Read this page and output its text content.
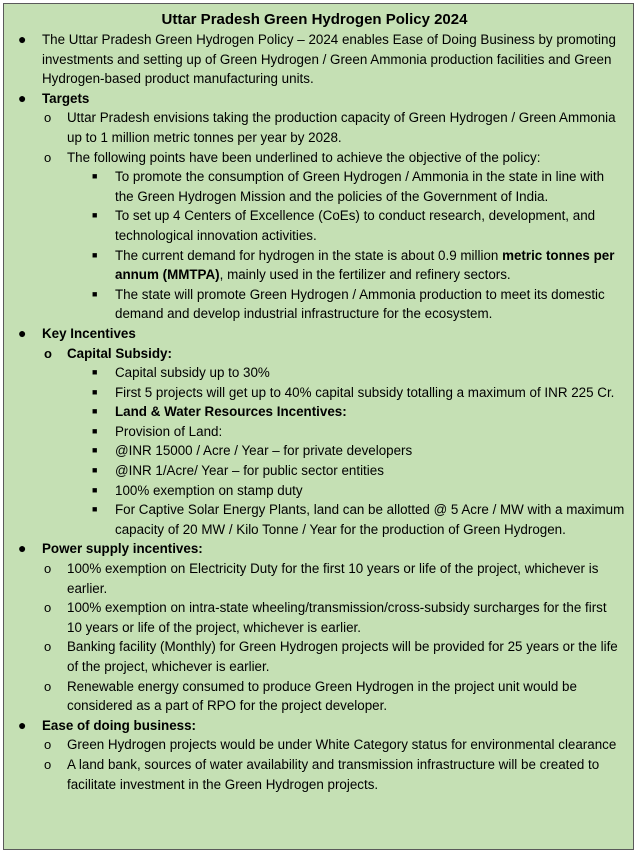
Uttar Pradesh Green Hydrogen Policy 2024
● The Uttar Pradesh Green Hydrogen Policy – 2024 enables Ease of Doing Business by promoting investments and setting up of Green Hydrogen / Green Ammonia production facilities and Green Hydrogen-based product manufacturing units.
● Targets
o Uttar Pradesh envisions taking the production capacity of Green Hydrogen / Green Ammonia up to 1 million metric tonnes per year by 2028.
o The following points have been underlined to achieve the objective of the policy:
■ To promote the consumption of Green Hydrogen / Ammonia in the state in line with the Green Hydrogen Mission and the policies of the Government of India.
■ To set up 4 Centers of Excellence (CoEs) to conduct research, development, and technological innovation activities.
■ The current demand for hydrogen in the state is about 0.9 million metric tonnes per annum (MMTPA), mainly used in the fertilizer and refinery sectors.
■ The state will promote Green Hydrogen / Ammonia production to meet its domestic demand and develop industrial infrastructure for the ecosystem.
● Key Incentives
o Capital Subsidy:
■ Capital subsidy up to 30%
■ First 5 projects will get up to 40% capital subsidy totalling a maximum of INR 225 Cr.
■ Land & Water Resources Incentives:
■ Provision of Land:
■ @INR 15000 / Acre / Year – for private developers
■ @INR 1/Acre/ Year – for public sector entities
■ 100% exemption on stamp duty
■ For Captive Solar Energy Plants, land can be allotted @ 5 Acre / MW with a maximum capacity of 20 MW / Kilo Tonne / Year for the production of Green Hydrogen.
● Power supply incentives:
o 100% exemption on Electricity Duty for the first 10 years or life of the project, whichever is earlier.
o 100% exemption on intra-state wheeling/transmission/cross-subsidy surcharges for the first 10 years or life of the project, whichever is earlier.
o Banking facility (Monthly) for Green Hydrogen projects will be provided for 25 years or the life of the project, whichever is earlier.
o Renewable energy consumed to produce Green Hydrogen in the project unit would be considered as a part of RPO for the project developer.
● Ease of doing business:
o Green Hydrogen projects would be under White Category status for environmental clearance
o A land bank, sources of water availability and transmission infrastructure will be created to facilitate investment in the Green Hydrogen projects.
